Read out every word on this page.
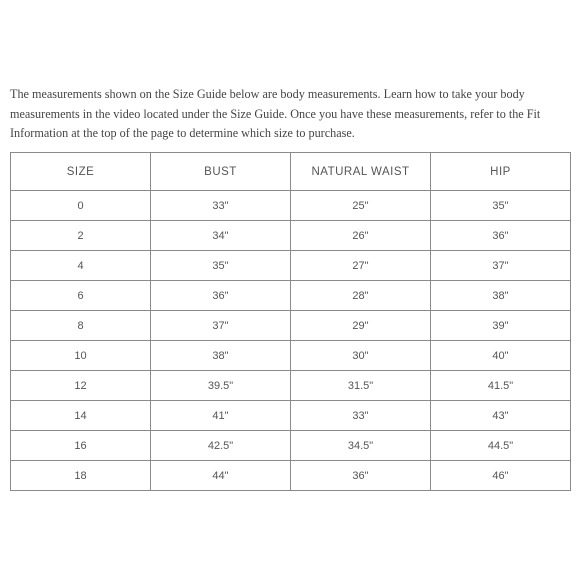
The measurements shown on the Size Guide below are body measurements. Learn how to take your body measurements in the video located under the Size Guide. Once you have these measurements, refer to the Fit Information at the top of the page to determine which size to purchase.

SIZE	BUST	NATURAL WAIST	HIP
0	33"	25"	35"
2	34"	26"	36"
4	35"	27"	37"
6	36"	28"	38"
8	37"	29"	39"
10	38"	30"	40"
12	39.5"	31.5"	41.5"
14	41"	33"	43"
16	42.5"	34.5"	44.5"
18	44"	36"	46"
